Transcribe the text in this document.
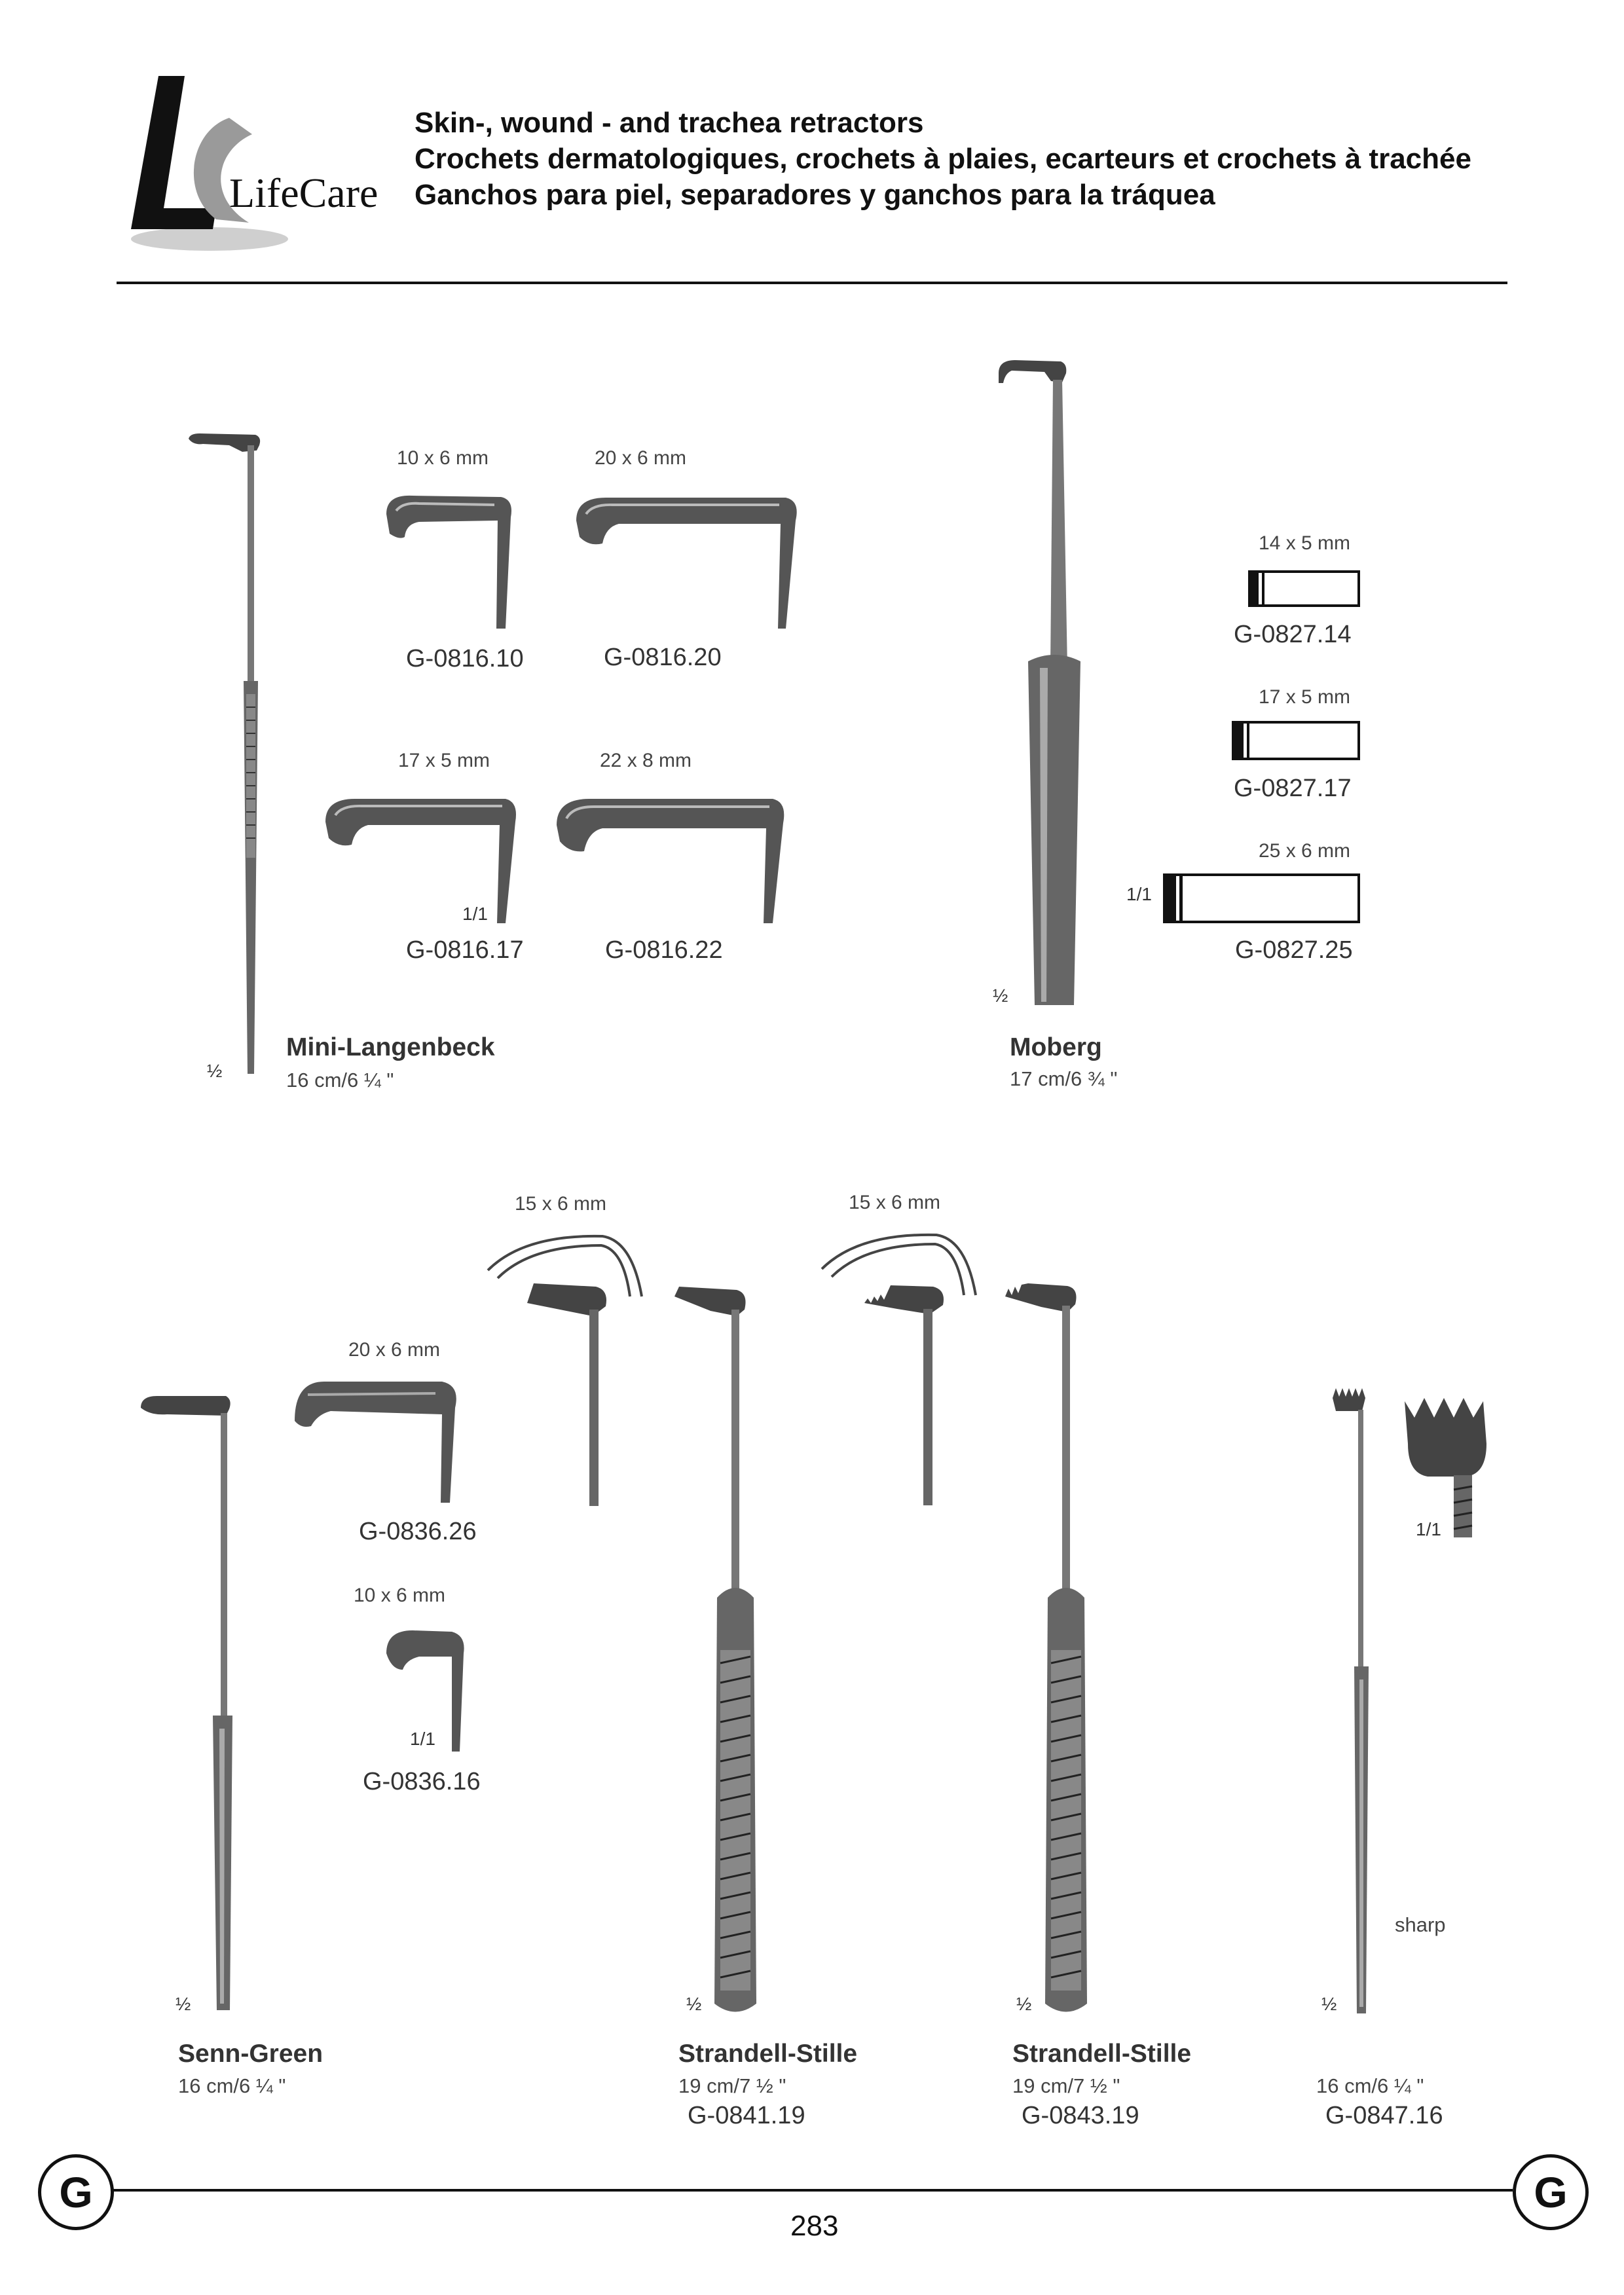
LifeCare
Skin-, wound - and trachea retractors
Crochets dermatologiques, crochets à plaies, ecarteurs et crochets à trachée
Ganchos para piel, separadores y ganchos para la tráquea
10 x 6 mm
G-0816.10
20 x 6 mm
G-0816.20
17 x 5 mm
1/1
G-0816.17
22 x 8 mm
G-0816.22
½
Mini-Langenbeck
16 cm/6 ¼ "
14 x 5 mm
G-0827.14
17 x 5 mm
G-0827.17
25 x 6 mm
1/1
G-0827.25
½
Moberg
17 cm/6 ¾ "
20 x 6 mm
G-0836.26
10 x 6 mm
1/1
G-0836.16
½
Senn-Green
16 cm/6 ¼ "
15 x 6 mm
½
Strandell-Stille
19 cm/7 ½ "
G-0841.19
15 x 6 mm
½
Strandell-Stille
19 cm/7 ½ "
G-0843.19
1/1
sharp
½
16 cm/6 ¼ "
G-0847.16
G	G
283
